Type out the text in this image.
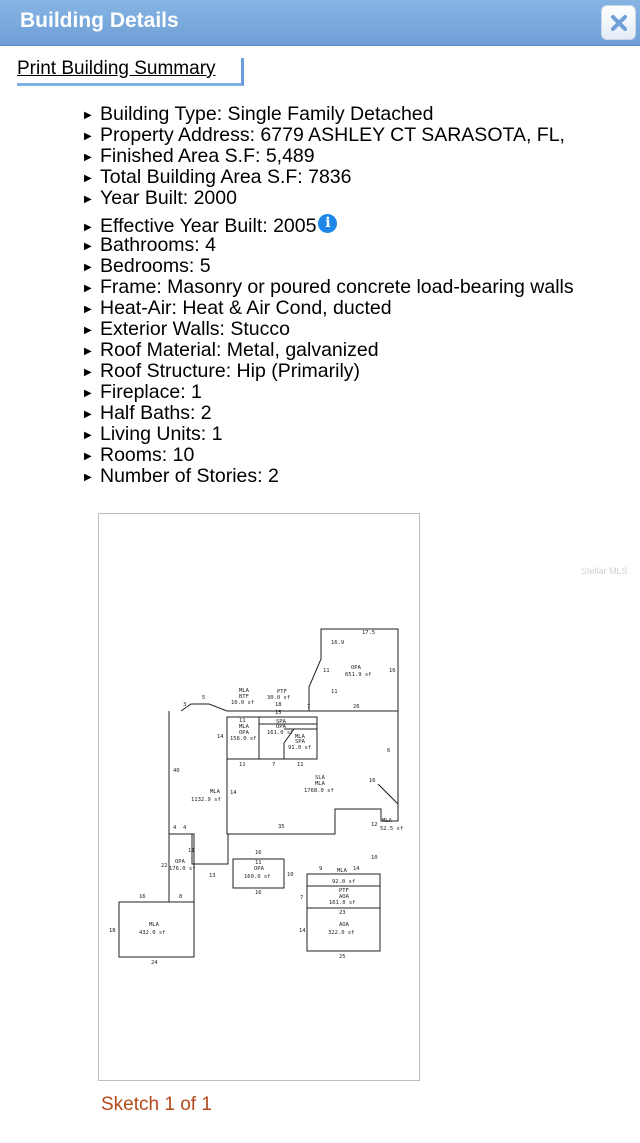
Building Details
Print Building Summary
▶ Building Type: Single Family Detached
▶ Property Address: 6779 ASHLEY CT SARASOTA, FL,
▶ Finished Area S.F: 5,489
▶ Total Building Area S.F: 7836
▶ Year Built: 2000
▶ Effective Year Built: 2005 i
▶ Bathrooms: 4
▶ Bedrooms: 5
▶ Frame: Masonry or poured concrete load-bearing walls
▶ Heat-Air: Heat & Air Cond, ducted
▶ Exterior Walls: Stucco
▶ Roof Material: Metal, galvanized
▶ Roof Structure: Hip (Primarily)
▶ Fireplace: 1
▶ Half Baths: 2
▶ Living Units: 1
▶ Rooms: 10
▶ Number of Stories: 2
17.5
16.9
16
11
11
OPA
651.9 sf
MLA
BTF
10.0 sf
PTF
30.0 sf
18
3
5
15
7	26
11
MLA
OPA
156.0 sf
SPA
OPA
161.0 sf
MLA
SPA
91.0 sf
14
11	7	11
6
40
MLA
1132.9 sf
SLA
MLA
1768.0 sf
14
16
12
10
MLA
52.5 sf
4 4	35
11
22
OPA
176.0 sf
16
13
11
OPA
160.0 sf	10
16
9	MLA 14
92.0 sf
PTF
AOA
161.0 sf
23
16	8	7
MLA
432.0 sf
18
24
AOA
322.0 sf
14
25
Stellar MLS
Sketch 1 of 1
